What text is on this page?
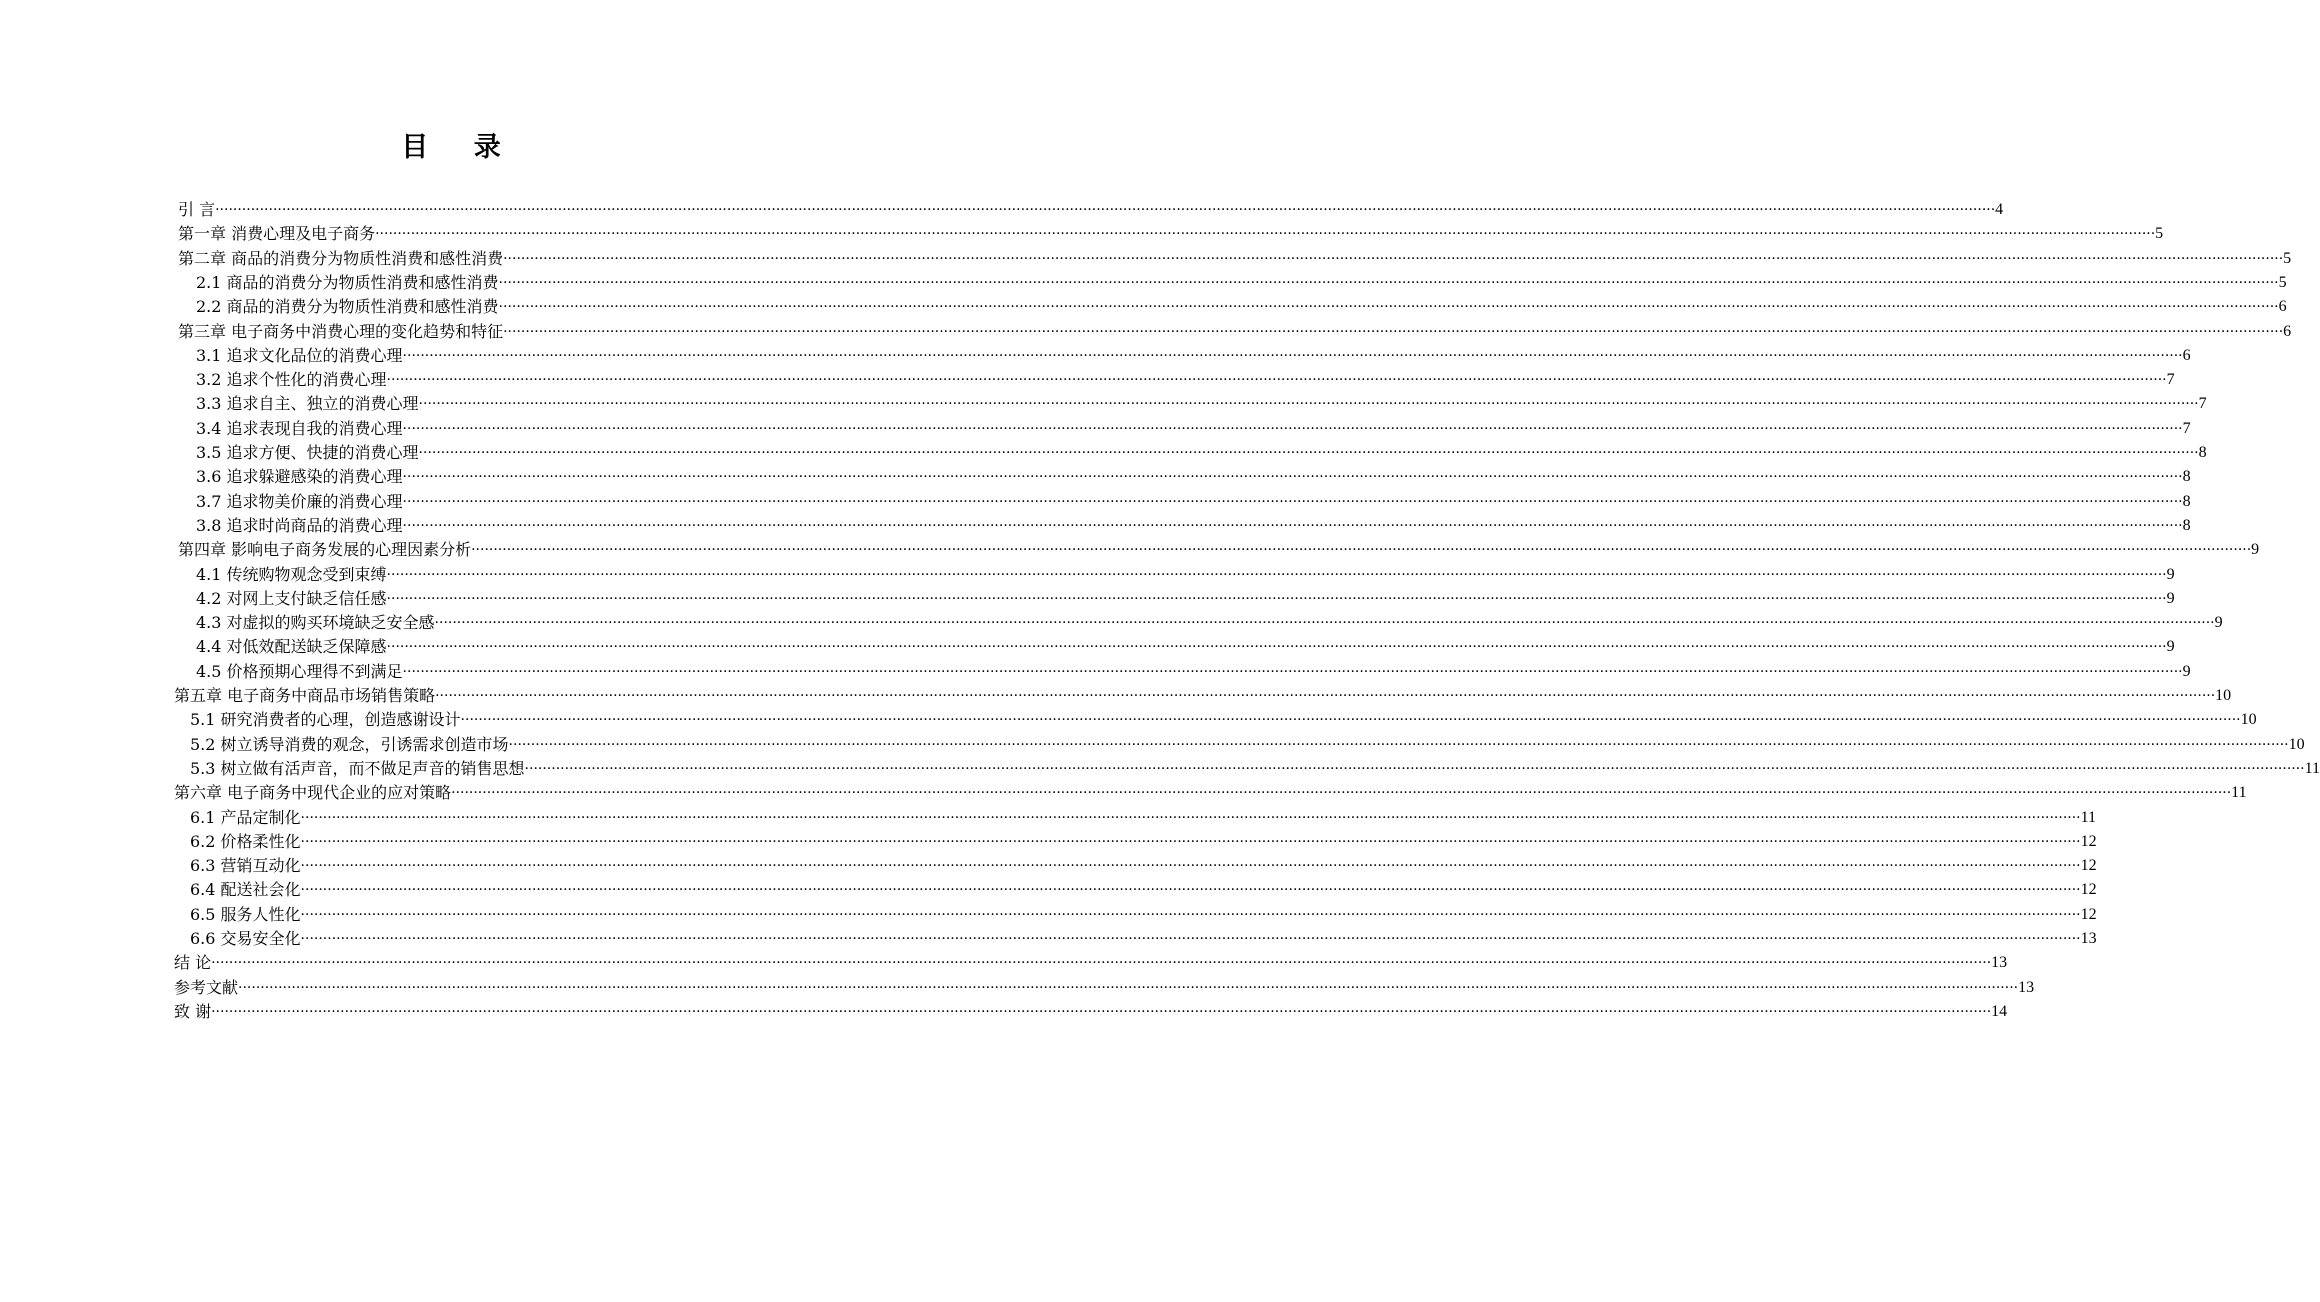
目 录
引 言 ················································································································································································································································································································································································································ 4
第一章 消费心理及电子商务 ················································································································································································································································································································································································································ 5
第二章 商品的消费分为物质性消费和感性消费 ················································································································································································································································································································································································································ 5
2.1 商品的消费分为物质性消费和感性消费 ················································································································································································································································································································································································································ 5
2.2 商品的消费分为物质性消费和感性消费 ················································································································································································································································································································································································································ 6
第三章 电子商务中消费心理的变化趋势和特征 ················································································································································································································································································································································································································ 6
3.1 追求文化品位的消费心理 ················································································································································································································································································································································································································ 6
3.2 追求个性化的消费心理 ················································································································································································································································································································································································································ 7
3.3 追求自主、独立的消费心理 ················································································································································································································································································································································································································ 7
3.4 追求表现自我的消费心理 ················································································································································································································································································································································································································ 7
3.5 追求方便、快捷的消费心理 ················································································································································································································································································································································································································ 8
3.6 追求躲避感染的消费心理 ················································································································································································································································································································································································································ 8
3.7 追求物美价廉的消费心理 ················································································································································································································································································································································································································ 8
3.8 追求时尚商品的消费心理 ················································································································································································································································································································································································································ 8
第四章 影响电子商务发展的心理因素分析 ················································································································································································································································································································································································································ 9
4.1 传统购物观念受到束缚 ················································································································································································································································································································································································································ 9
4.2 对网上支付缺乏信任感 ················································································································································································································································································································································································································ 9
4.3 对虚拟的购买环境缺乏安全感 ················································································································································································································································································································································································································ 9
4.4 对低效配送缺乏保障感 ················································································································································································································································································································································································································ 9
4.5 价格预期心理得不到满足 ················································································································································································································································································································································································································ 9
第五章 电子商务中商品市场销售策略 ················································································································································································································································································································································································································ 10
5.1 研究消费者的心理，创造感谢设计 ················································································································································································································································································································································································································ 10
5.2 树立诱导消费的观念，引诱需求创造市场 ················································································································································································································································································································································································································ 10
5.3 树立做有活声音，而不做足声音的销售思想 ················································································································································································································································································································································································································ 11
第六章 电子商务中现代企业的应对策略 ················································································································································································································································································································································································································ 11
6.1 产品定制化 ················································································································································································································································································································································································································ 11
6.2 价格柔性化 ················································································································································································································································································································································································································ 12
6.3 营销互动化 ················································································································································································································································································································································································································ 12
6.4 配送社会化 ················································································································································································································································································································································································································ 12
6.5 服务人性化 ················································································································································································································································································································································································································ 12
6.6 交易安全化 ················································································································································································································································································································································································································ 13
结 论 ················································································································································································································································································································································································································ 13
参考文献 ················································································································································································································································································································································································································ 13
致 谢 ················································································································································································································································································································································································································ 14
